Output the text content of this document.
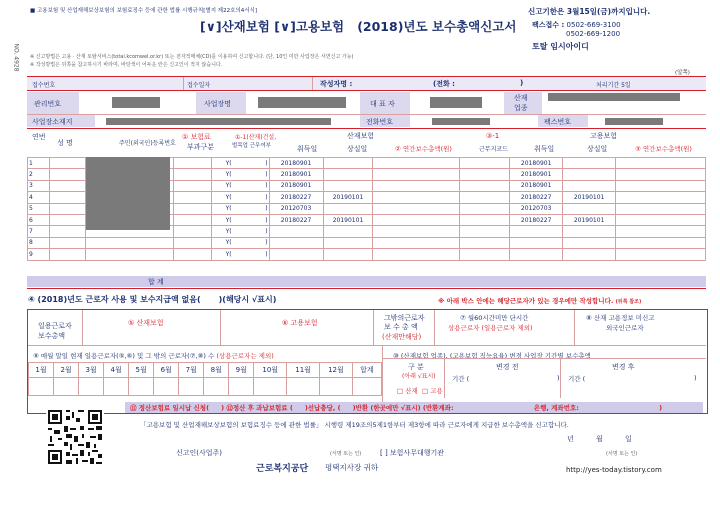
NO. 4928
■ 고용보험 및 산업재해보상보험의 보험료징수 등에 관한 법률 시행규칙[별지 제22호의4서식]
[∨]산재보험 [∨]고용보험 (2018)년도 보수총액신고서
신고기한은 3월15일(금)까지입니다.
팩스접수 : 0502-669-3100
0502-669-1200
토탈 임시아이디
※ 신고방법은 고용 · 산재 토탈서비스(total.kcomwel.or.kr) 또는 전자적매체(CD)를 이용하여 신고합니다. (단, 10인 미만 사업장은 서면신고 가능)
※ 작성방법은 뒤쪽을 참고하시기 바라며, 바탕색이 어두운 란은 신고인이 적지 않습니다.
(앞쪽)
접수번호	접수일자	작성자명 :	(전화 :	)	처리기간 5일
관리번호	사업장명	대 표 자
산재
업종
사업장소재지	전화번호	팩스번호
연번
성 명	주민(외국인)등록번호
① 보험료
부과구분
①-1(산재)건설,
벌목업 근무여부
산재보험
취득일	상실일	② 연간보수총액(원)
③-1
근무지코드
고용보험
취득일	상실일	③ 연간보수총액(원)
1				Y( )	20180901				20180901		
2				Y( )	20180901				20180901		
3				Y( )	20180901				20180901		
4				Y( )	20180227	20190101			20180227	20190101	
5				Y( )	20120703				20120703		
6				Y( )	20180227	20190101			20180227	20190101	
7				Y( )							

8				Y( )							

9				Y( )							

합 계
④ (2018)년도 근로자 사용 및 보수지급액 없음( )(해당시 √표시)	※ 아래 박스 안에는 해당근로자가 있는 경우에만 작성합니다. (뒤쪽 참조)
일용근로자
보수총액
⑤ 산재보험	⑥ 고용보험
그밖의근로자
보 수 총 액
(산재만해당)
⑦ 월60시간미만 단시간
상용근로자 (일용근로자 제외)
⑧ 산재 고용정보 미신고
외국인근로자
⑨ 매월 말일 현재 일용근로자(⑤,⑥) 및 그 밖의 근로자(⑦,⑧) 수 (상용근로자는 제외)
1월	2월	3월	4월	5월	6월	7월	8월	9월	10월	11월	12월	합계

⑩ (산재보험 업종), (고용보험 직능요율) 변경 사업장 기간별 보수총액
구 분
(아래 √표시)
변경 전	변경 후
기간 (	) 기간 (	)
□ 산재 □ 고용
⑪ 정산보험료 일시납 신청( ) ⑫정산 후 과납보험료 ( )선납충당, ( )반환 (한곳에만 √표시) (반환계좌:	은행, 계좌번호:	)
「고용보험 및 산업재해보상보험의 보험료징수 등에 관한 법률」 시행령 제19조의5제1항부터 제3항에 따라 근로자에게 지급한 보수총액을 신고합니다.
년	월	일
신고인(사업주)	(서명 또는 인)	[ ] 보험사무대행기관	(서명 또는 인)
근로복지공단 평택지사장 귀하	http://yes-today.tistory.com
